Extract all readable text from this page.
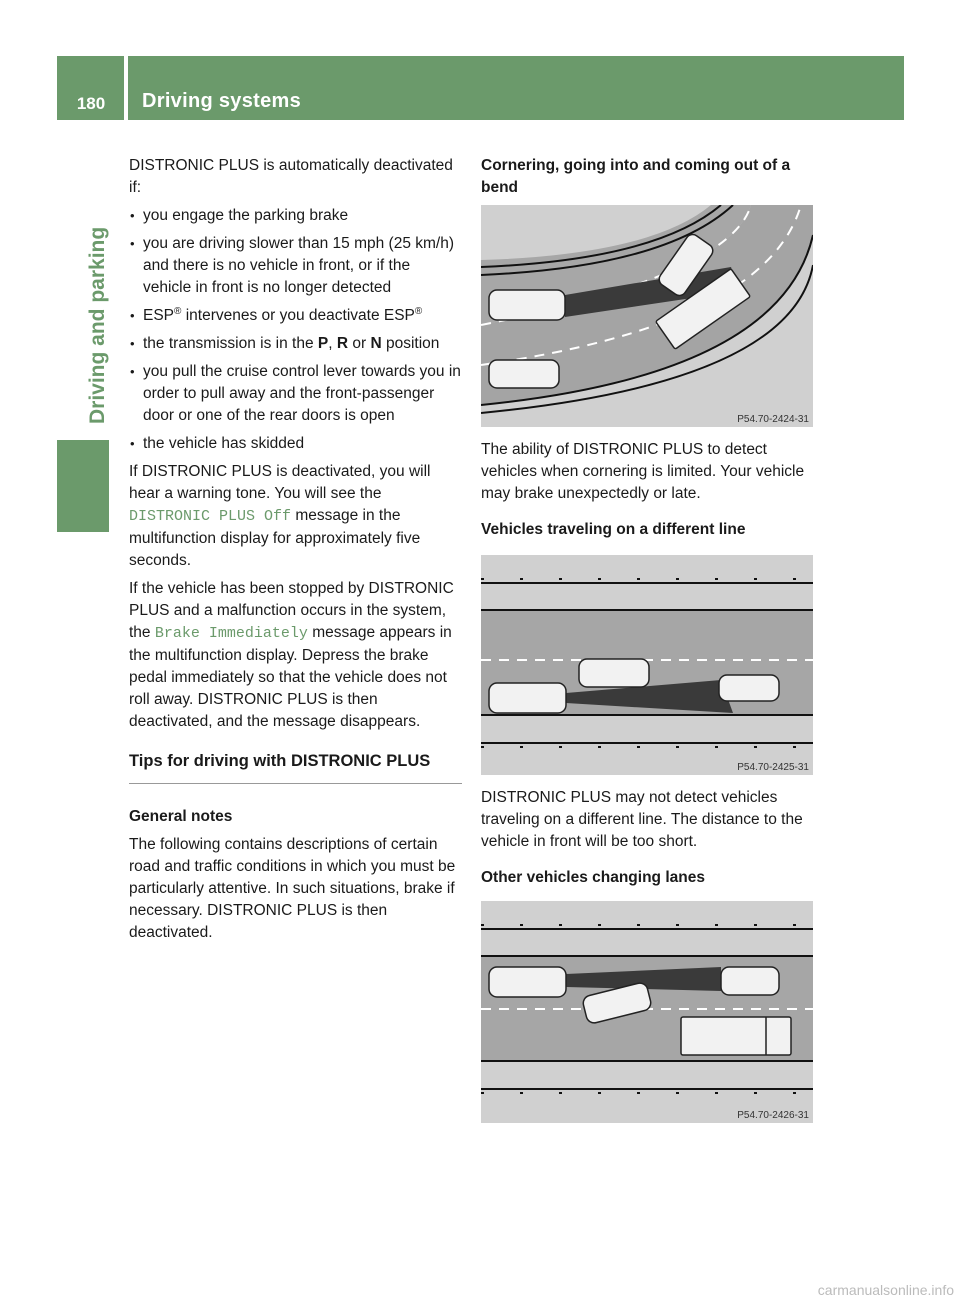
180	Driving systems
Driving and parking

DISTRONIC PLUS is automatically deactivated if:

• you engage the parking brake
• you are driving slower than 15 mph (25 km/h) and there is no vehicle in front, or if the vehicle in front is no longer detected
• ESP® intervenes or you deactivate ESP®
• the transmission is in the P, R or N position
• you pull the cruise control lever towards you in order to pull away and the front-passenger door or one of the rear doors is open
• the vehicle has skidded

If DISTRONIC PLUS is deactivated, you will hear a warning tone. You will see the DISTRONIC PLUS Off message in the multifunction display for approximately five seconds.

If the vehicle has been stopped by DISTRONIC PLUS and a malfunction occurs in the system, the Brake Immediately message appears in the multifunction display. Depress the brake pedal immediately so that the vehicle does not roll away. DISTRONIC PLUS is then deactivated, and the message disappears.

Tips for driving with DISTRONIC PLUS
General notes

The following contains descriptions of certain road and traffic conditions in which you must be particularly attentive. In such situations, brake if necessary. DISTRONIC PLUS is then deactivated.

Cornering, going into and coming out of a bend

P54.70-2424-31

The ability of DISTRONIC PLUS to detect vehicles when cornering is limited. Your vehicle may brake unexpectedly or late.

Vehicles traveling on a different line
P54.70-2425-31

DISTRONIC PLUS may not detect vehicles traveling on a different line. The distance to the vehicle in front will be too short.

Other vehicles changing lanes
P54.70-2426-31
carmanualsonline.info
